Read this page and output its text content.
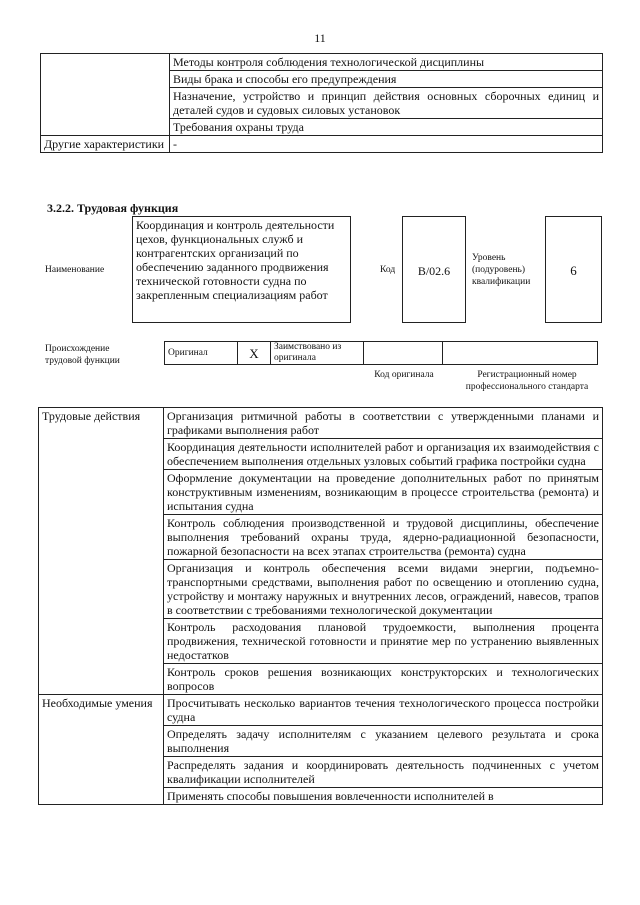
11
	Методы контроля соблюдения технологической дисциплины
	Виды брака и способы его предупреждения
	Назначение, устройство и принцип действия основных сборочных единиц и деталей судов и судовых силовых установок
	Требования охраны труда
Другие характеристики	-
3.2.2. Трудовая функция
Наименование
Координация и контроль деятельности цехов, функциональных служб и контрагентских организаций по обеспечению заданного продвижения технической готовности судна по закрепленным специализациям работ
Код	B/02.6
Уровень (подуровень) квалификации
6
Происхождение трудовой функции
Оригинал	X	Заимствовано из оригинала		
Код оригинала	Регистрационный номер профессионального стандарта
Трудовые действия	Организация ритмичной работы в соответствии с утвержденными планами и графиками выполнения работ
	Координация деятельности исполнителей работ и организация их взаимодействия с обеспечением выполнения отдельных узловых событий графика постройки судна
	Оформление документации на проведение дополнительных работ по принятым конструктивным изменениям, возникающим в процессе строительства (ремонта) и испытания судна
	Контроль соблюдения производственной и трудовой дисциплины, обеспечение выполнения требований охраны труда, ядерно-радиационной безопасности, пожарной безопасности на всех этапах строительства (ремонта) судна
	Организация и контроль обеспечения всеми видами энергии, подъемно-транспортными средствами, выполнения работ по освещению и отоплению судна, устройству и монтажу наружных и внутренних лесов, ограждений, навесов, трапов в соответствии с требованиями технологической документации
	Контроль расходования плановой трудоемкости, выполнения процента продвижения, технической готовности и принятие мер по устранению выявленных недостатков
	Контроль сроков решения возникающих конструкторских и технологических вопросов
Необходимые умения	Просчитывать несколько вариантов течения технологического процесса постройки судна
	Определять задачу исполнителям с указанием целевого результата и срока выполнения
	Распределять задания и координировать деятельность подчиненных с учетом квалификации исполнителей
	Применять способы повышения вовлеченности исполнителей в
